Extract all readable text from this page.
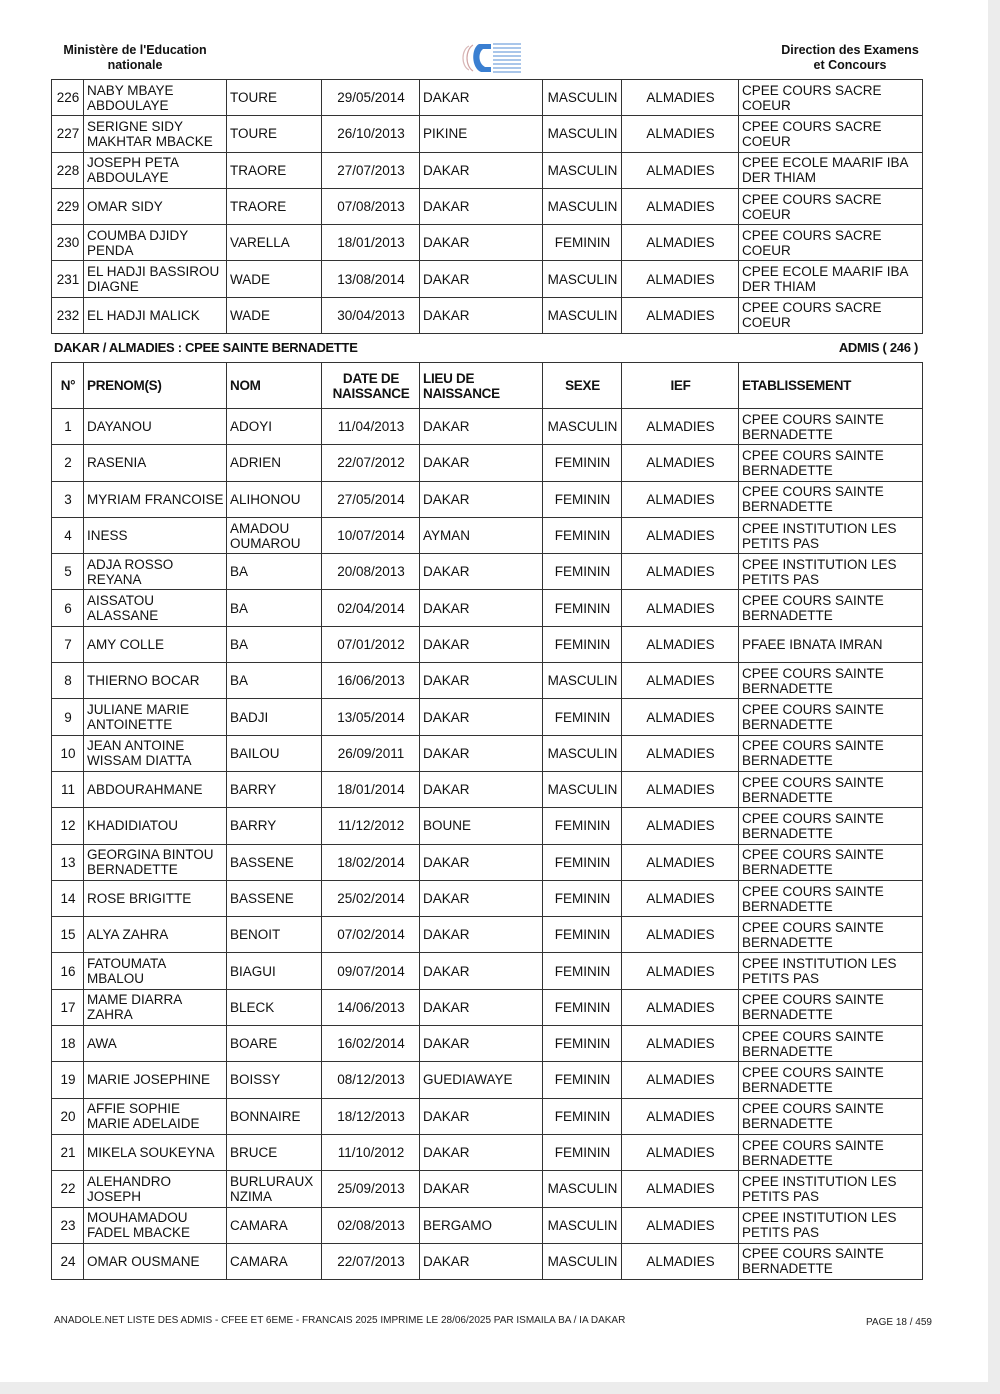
Ministère de l'Education
nationale
Direction des Examens
et Concours
226	NABY MBAYE ABDOULAYE	TOURE	29/05/2014	DAKAR	MASCULIN	ALMADIES	CPEE COURS SACRE COEUR
227	SERIGNE SIDY MAKHTAR MBACKE	TOURE	26/10/2013	PIKINE	MASCULIN	ALMADIES	CPEE COURS SACRE COEUR
228	JOSEPH PETA ABDOULAYE	TRAORE	27/07/2013	DAKAR	MASCULIN	ALMADIES	CPEE ECOLE MAARIF IBA DER THIAM
229	OMAR SIDY	TRAORE	07/08/2013	DAKAR	MASCULIN	ALMADIES	CPEE COURS SACRE COEUR
230	COUMBA DJIDY PENDA	VARELLA	18/01/2013	DAKAR	FEMININ	ALMADIES	CPEE COURS SACRE COEUR
231	EL HADJI BASSIROU DIAGNE	WADE	13/08/2014	DAKAR	MASCULIN	ALMADIES	CPEE ECOLE MAARIF IBA DER THIAM
232	EL HADJI MALICK	WADE	30/04/2013	DAKAR	MASCULIN	ALMADIES	CPEE COURS SACRE COEUR
DAKAR / ALMADIES : CPEE SAINTE BERNADETTE	ADMIS ( 246 )
N°	PRENOM(S)	NOM	DATE DE NAISSANCE	LIEU DE NAISSANCE	SEXE	IEF	ETABLISSEMENT
1	DAYANOU	ADOYI	11/04/2013	DAKAR	MASCULIN	ALMADIES	CPEE COURS SAINTE BERNADETTE
2	RASENIA	ADRIEN	22/07/2012	DAKAR	FEMININ	ALMADIES	CPEE COURS SAINTE BERNADETTE
3	MYRIAM FRANCOISE	ALIHONOU	27/05/2014	DAKAR	FEMININ	ALMADIES	CPEE COURS SAINTE BERNADETTE
4	INESS	AMADOU OUMAROU	10/07/2014	AYMAN	FEMININ	ALMADIES	CPEE INSTITUTION LES PETITS PAS
5	ADJA ROSSO REYANA	BA	20/08/2013	DAKAR	FEMININ	ALMADIES	CPEE INSTITUTION LES PETITS PAS
6	AISSATOU ALASSANE	BA	02/04/2014	DAKAR	FEMININ	ALMADIES	CPEE COURS SAINTE BERNADETTE
7	AMY COLLE	BA	07/01/2012	DAKAR	FEMININ	ALMADIES	PFAEE IBNATA IMRAN
8	THIERNO BOCAR	BA	16/06/2013	DAKAR	MASCULIN	ALMADIES	CPEE COURS SAINTE BERNADETTE
9	JULIANE MARIE ANTOINETTE	BADJI	13/05/2014	DAKAR	FEMININ	ALMADIES	CPEE COURS SAINTE BERNADETTE
10	JEAN ANTOINE WISSAM DIATTA	BAILOU	26/09/2011	DAKAR	MASCULIN	ALMADIES	CPEE COURS SAINTE BERNADETTE
11	ABDOURAHMANE	BARRY	18/01/2014	DAKAR	MASCULIN	ALMADIES	CPEE COURS SAINTE BERNADETTE
12	KHADIDIATOU	BARRY	11/12/2012	BOUNE	FEMININ	ALMADIES	CPEE COURS SAINTE BERNADETTE
13	GEORGINA BINTOU BERNADETTE	BASSENE	18/02/2014	DAKAR	FEMININ	ALMADIES	CPEE COURS SAINTE BERNADETTE
14	ROSE BRIGITTE	BASSENE	25/02/2014	DAKAR	FEMININ	ALMADIES	CPEE COURS SAINTE BERNADETTE
15	ALYA ZAHRA	BENOIT	07/02/2014	DAKAR	FEMININ	ALMADIES	CPEE COURS SAINTE BERNADETTE
16	FATOUMATA MBALOU	BIAGUI	09/07/2014	DAKAR	FEMININ	ALMADIES	CPEE INSTITUTION LES PETITS PAS
17	MAME DIARRA ZAHRA	BLECK	14/06/2013	DAKAR	FEMININ	ALMADIES	CPEE COURS SAINTE BERNADETTE
18	AWA	BOARE	16/02/2014	DAKAR	FEMININ	ALMADIES	CPEE COURS SAINTE BERNADETTE
19	MARIE JOSEPHINE	BOISSY	08/12/2013	GUEDIAWAYE	FEMININ	ALMADIES	CPEE COURS SAINTE BERNADETTE
20	AFFIE SOPHIE MARIE ADELAIDE	BONNAIRE	18/12/2013	DAKAR	FEMININ	ALMADIES	CPEE COURS SAINTE BERNADETTE
21	MIKELA SOUKEYNA	BRUCE	11/10/2012	DAKAR	FEMININ	ALMADIES	CPEE COURS SAINTE BERNADETTE
22	ALEHANDRO JOSEPH	BURLURAUX NZIMA	25/09/2013	DAKAR	MASCULIN	ALMADIES	CPEE INSTITUTION LES PETITS PAS
23	MOUHAMADOU FADEL MBACKE	CAMARA	02/08/2013	BERGAMO	MASCULIN	ALMADIES	CPEE INSTITUTION LES PETITS PAS
24	OMAR OUSMANE	CAMARA	22/07/2013	DAKAR	MASCULIN	ALMADIES	CPEE COURS SAINTE BERNADETTE
ANADOLE.NET LISTE DES ADMIS - CFEE ET 6EME - FRANCAIS 2025 IMPRIME LE 28/06/2025 PAR ISMAILA BA / IA DAKAR	PAGE 18 / 459
